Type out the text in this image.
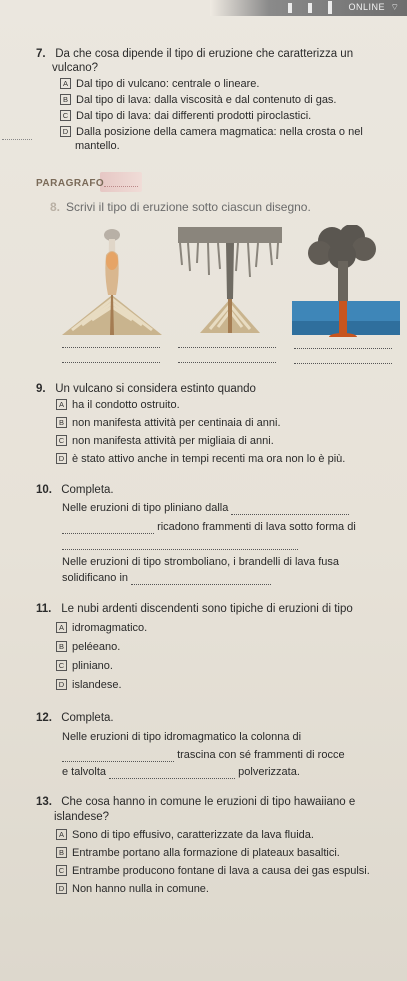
ONLINE ⌔
7. Da che cosa dipende il tipo di eruzione che caratterizza un
vulcano?
A Dal tipo di vulcano: centrale o lineare.
B Dal tipo di lava: dalla viscosità e dal contenuto di gas.
C Dal tipo di lava: dai differenti prodotti piroclastici.
D Dalla posizione della camera magmatica: nella crosta o nel
mantello.
PARAGRAFO
8. Scrivi il tipo di eruzione sotto ciascun disegno.
9. Un vulcano si considera estinto quando
A ha il condotto ostruito.
B non manifesta attività per centinaia di anni.
C non manifesta attività per migliaia di anni.
D è stato attivo anche in tempi recenti ma ora non lo è più.
10. Completa.
Nelle eruzioni di tipo pliniano dalla
ricadono frammenti di lava sotto forma di
Nelle eruzioni di tipo stromboliano, i brandelli di lava fusa
solidificano in
11. Le nubi ardenti discendenti sono tipiche di eruzioni di tipo
A idromagmatico.
B peléeano.
C pliniano.
D islandese.
12. Completa.
Nelle eruzioni di tipo idromagmatico la colonna di
trascina con sé frammenti di rocce
e talvolta	polverizzata.
13. Che cosa hanno in comune le eruzioni di tipo hawaiiano e
islandese?
A Sono di tipo effusivo, caratterizzate da lava fluida.
B Entrambe portano alla formazione di plateaux basaltici.
C Entrambe producono fontane di lava a causa dei gas espulsi.
D Non hanno nulla in comune.
